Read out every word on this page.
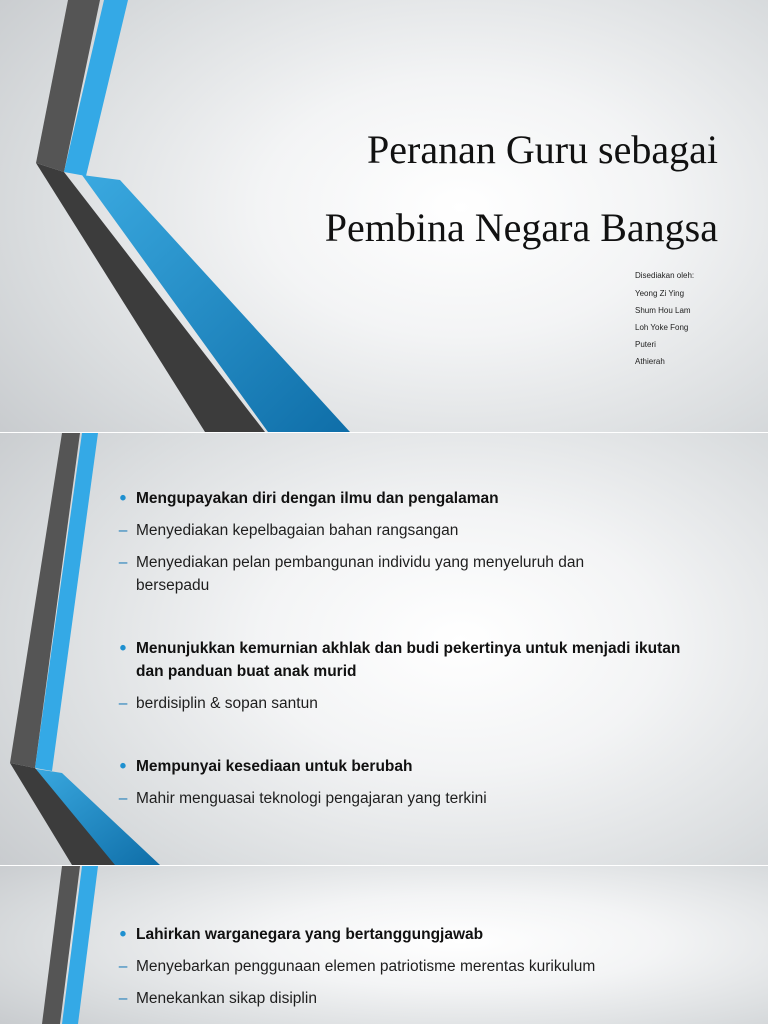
Peranan Guru sebagai
Pembina Negara Bangsa
Disediakan oleh:
Yeong Zi Ying
Shum Hou Lam
Loh Yoke Fong
Puteri
Athierah
• Mengupayakan diri dengan ilmu dan pengalaman
– Menyediakan kepelbagaian bahan rangsangan
– Menyediakan pelan pembangunan individu yang menyeluruh dan bersepadu
• Menunjukkan kemurnian akhlak dan budi pekertinya untuk menjadi ikutan dan panduan buat anak murid
– berdisiplin & sopan santun
• Mempunyai kesediaan untuk berubah
– Mahir menguasai teknologi pengajaran yang terkini
• Lahirkan warganegara yang bertanggungjawab
– Menyebarkan penggunaan elemen patriotisme merentas kurikulum
– Menekankan sikap disiplin
